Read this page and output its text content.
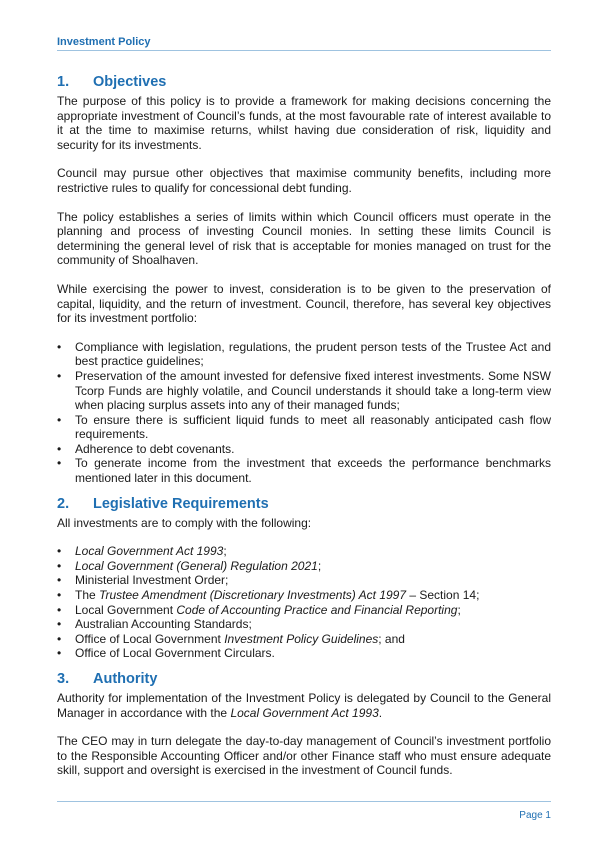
Investment Policy
1.	Objectives

The purpose of this policy is to provide a framework for making decisions concerning the appropriate investment of Council’s funds, at the most favourable rate of interest available to it at the time to maximise returns, whilst having due consideration of risk, liquidity and security for its investments.

Council may pursue other objectives that maximise community benefits, including more restrictive rules to qualify for concessional debt funding.

The policy establishes a series of limits within which Council officers must operate in the planning and process of investing Council monies. In setting these limits Council is determining the general level of risk that is acceptable for monies managed on trust for the community of Shoalhaven.

While exercising the power to invest, consideration is to be given to the preservation of capital, liquidity, and the return of investment. Council, therefore, has several key objectives for its investment portfolio:

•	Compliance with legislation, regulations, the prudent person tests of the Trustee Act and best practice guidelines;
•	Preservation of the amount invested for defensive fixed interest investments. Some NSW Tcorp Funds are highly volatile, and Council understands it should take a long-term view when placing surplus assets into any of their managed funds;
•	To ensure there is sufficient liquid funds to meet all reasonably anticipated cash flow requirements.
•	Adherence to debt covenants.
•	To generate income from the investment that exceeds the performance benchmarks mentioned later in this document.
2.	Legislative Requirements

All investments are to comply with the following:

•	Local Government Act 1993;
•	Local Government (General) Regulation 2021;
•	Ministerial Investment Order;
•	The Trustee Amendment (Discretionary Investments) Act 1997 – Section 14;
•	Local Government Code of Accounting Practice and Financial Reporting;
•	Australian Accounting Standards;
•	Office of Local Government Investment Policy Guidelines; and
•	Office of Local Government Circulars.
3.	Authority

Authority for implementation of the Investment Policy is delegated by Council to the General Manager in accordance with the Local Government Act 1993.

The CEO may in turn delegate the day-to-day management of Council’s investment portfolio to the Responsible Accounting Officer and/or other Finance staff who must ensure adequate skill, support and oversight is exercised in the investment of Council funds.

Page 1
